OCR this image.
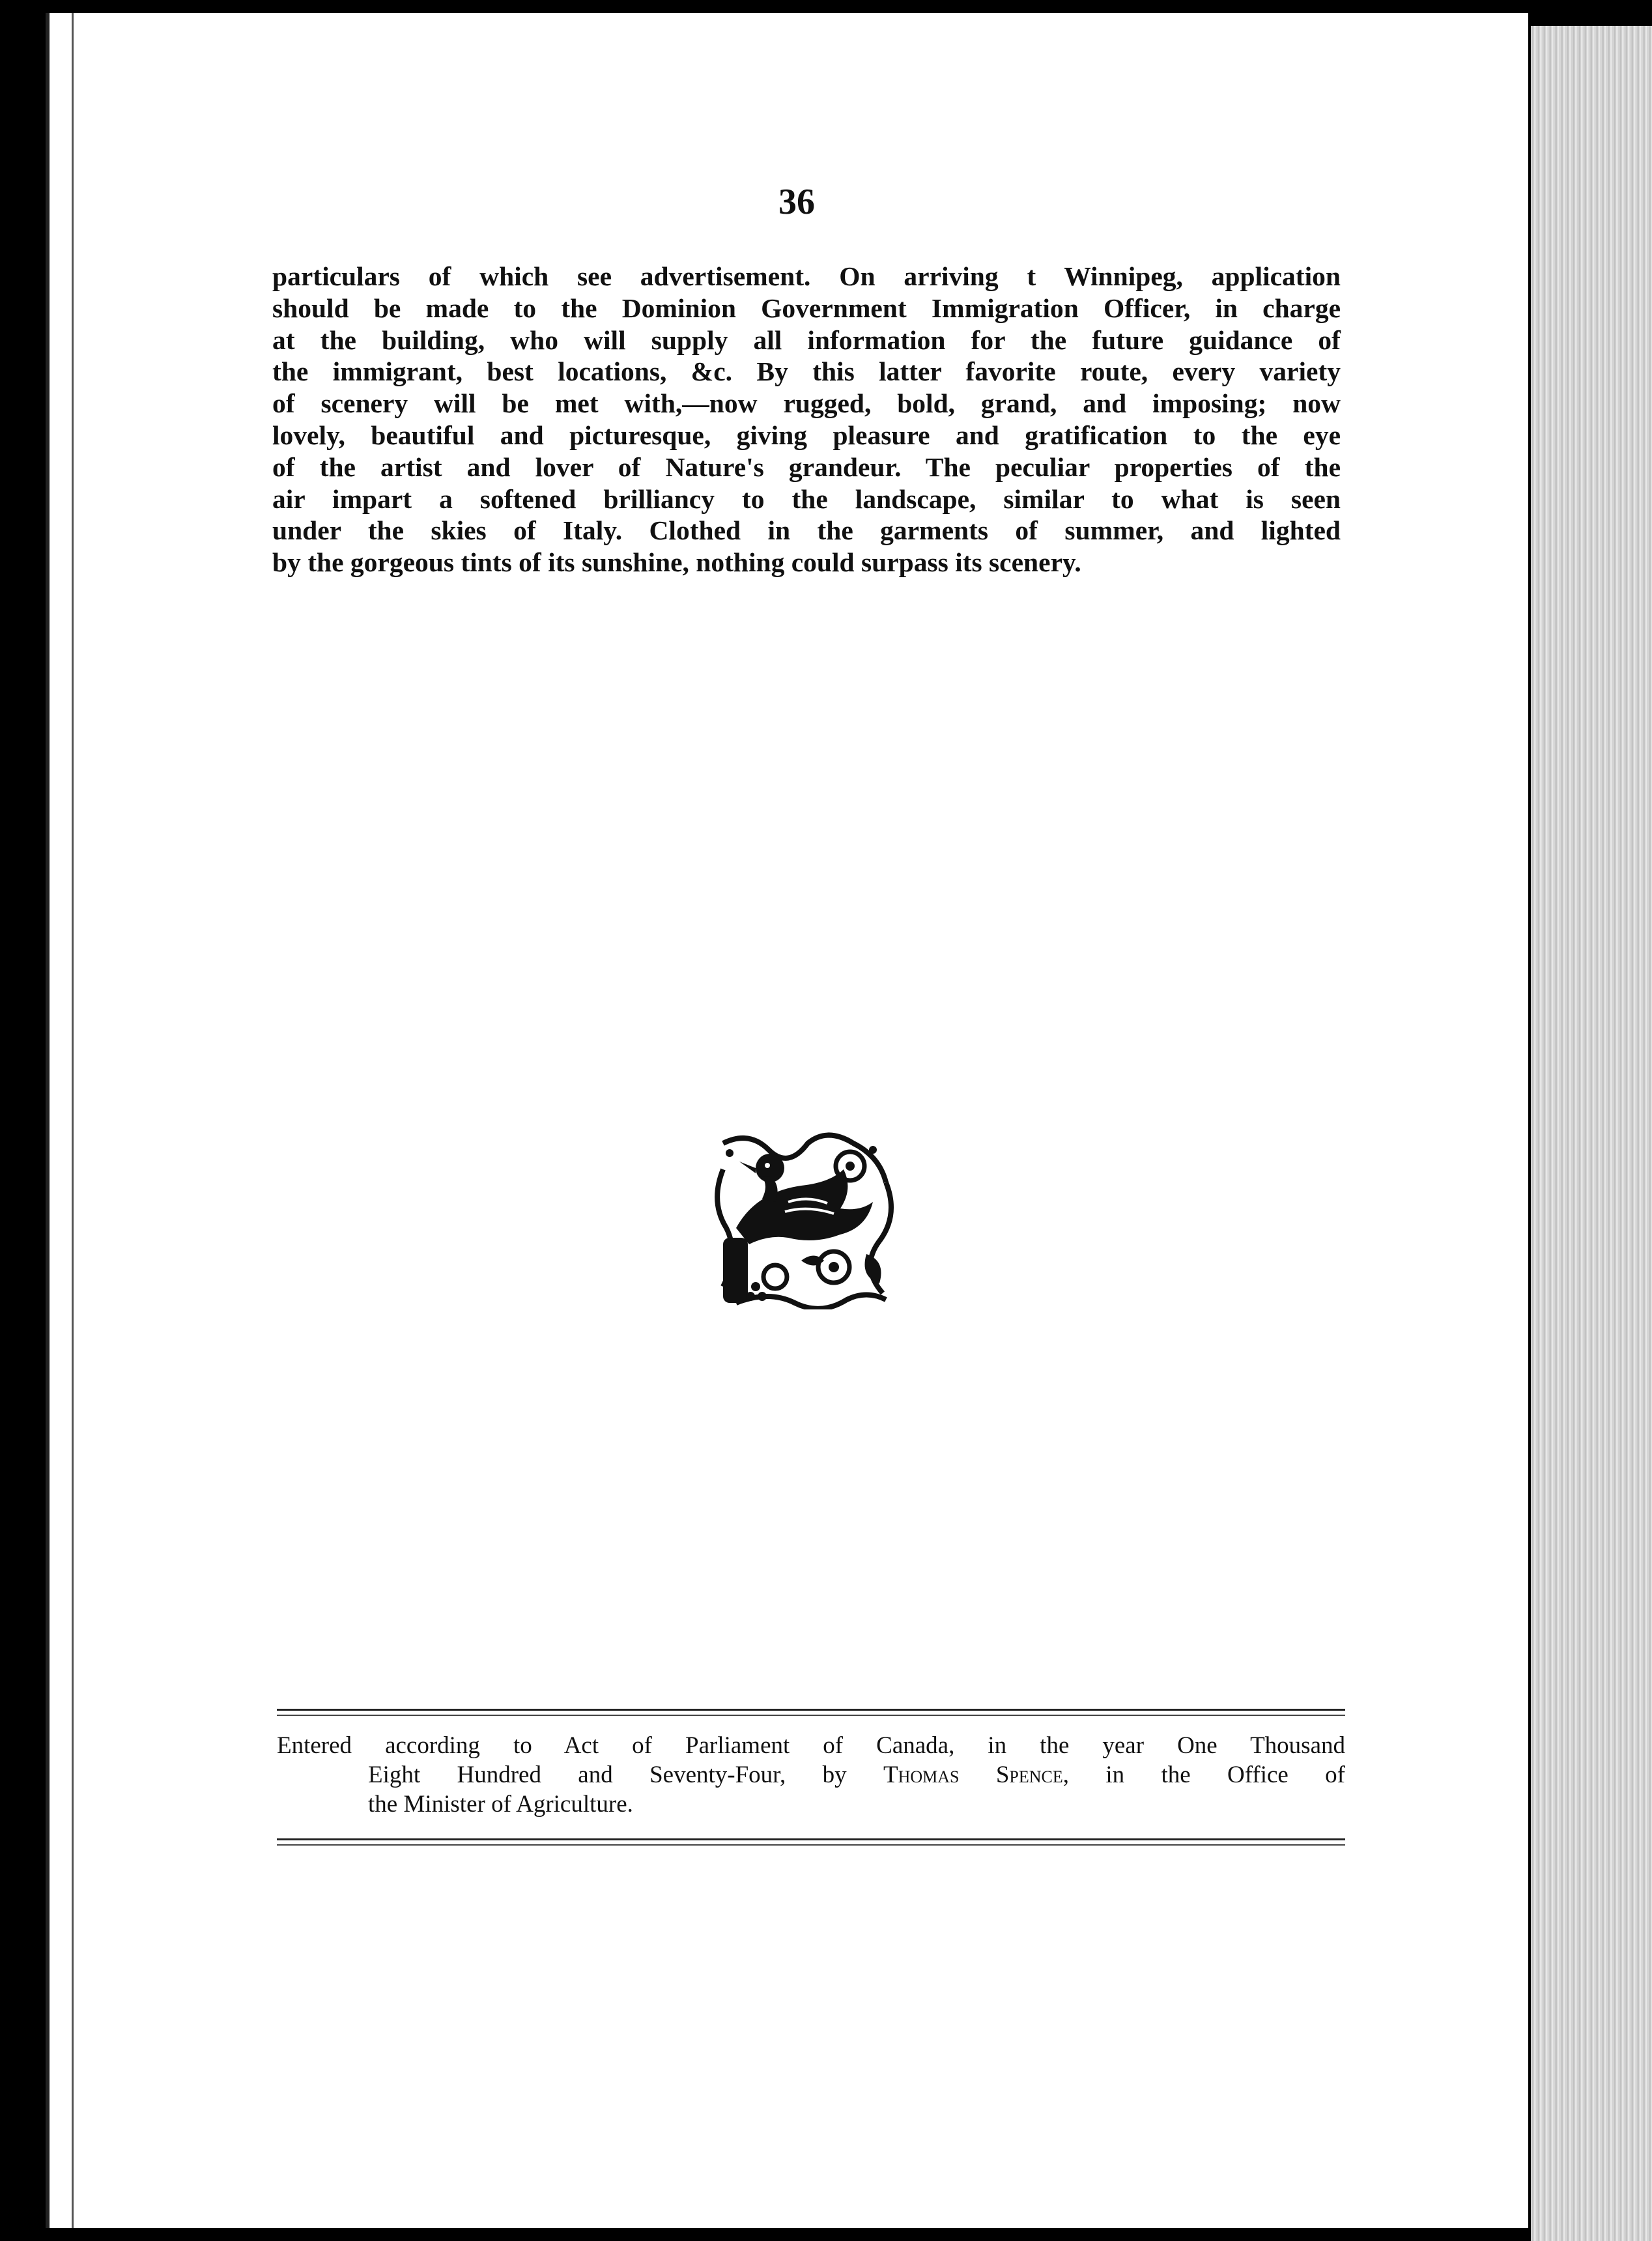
36
particulars of which see advertisement. On arriving t Winnipeg, application
should be made to the Dominion Government Immigration Officer, in charge
at the building, who will supply all information for the future guidance of
the immigrant, best locations, &c. By this latter favorite route, every variety
of scenery will be met with,—now rugged, bold, grand, and imposing; now
lovely, beautiful and picturesque, giving pleasure and gratification to the eye
of the artist and lover of Nature's grandeur. The peculiar properties of the
air impart a softened brilliancy to the landscape, similar to what is seen
under the skies of Italy. Clothed in the garments of summer, and lighted
by the gorgeous tints of its sunshine, nothing could surpass its scenery.
Entered according to Act of Parliament of Canada, in the year One Thousand
Eight Hundred and Seventy-Four, by Thomas Spence, in the Office of
the Minister of Agriculture.
